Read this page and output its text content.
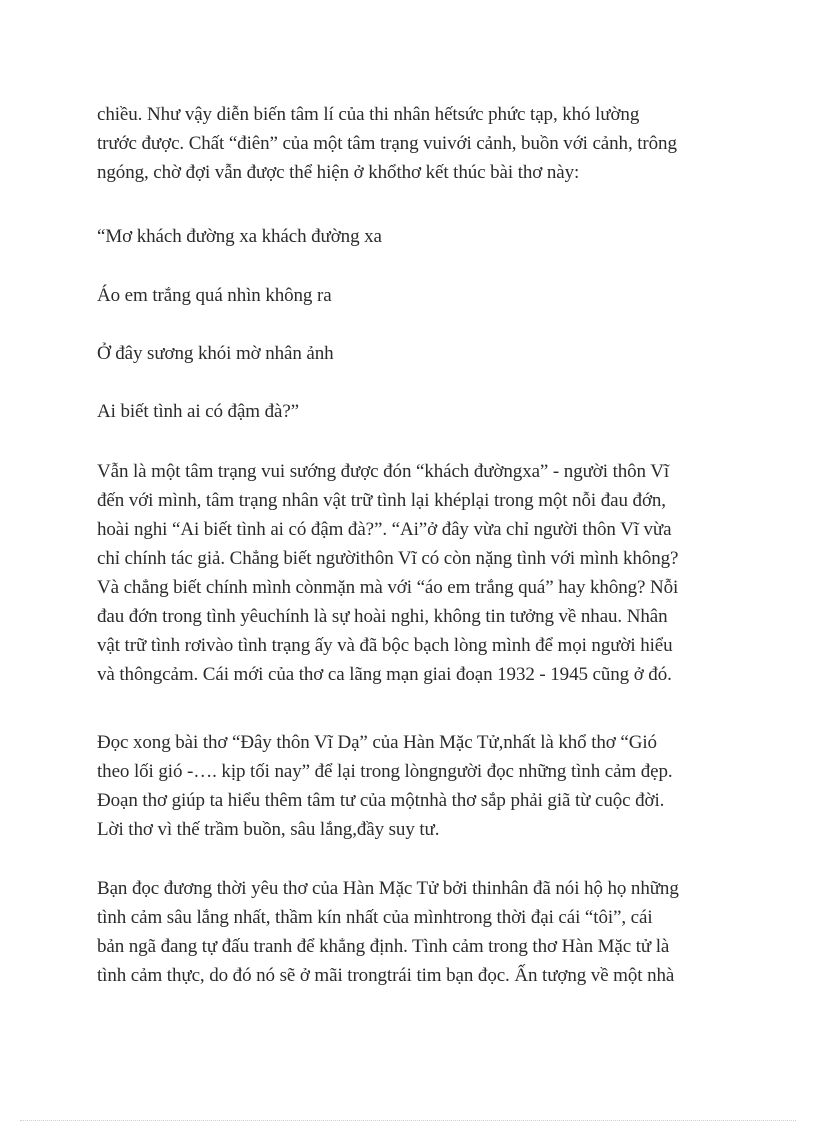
chiều. Như vậy diễn biến tâm lí của thi nhân hếtsức phức tạp, khó lường
trước được. Chất “điên” của một tâm trạng vuivới cảnh, buồn với cảnh, trông
ngóng, chờ đợi vẫn được thể hiện ở khổthơ kết thúc bài thơ này:

“Mơ khách đường xa khách đường xa

Áo em trắng quá nhìn không ra

Ở đây sương khói mờ nhân ảnh

Ai biết tình ai có đậm đà?”

Vẫn là một tâm trạng vui sướng được đón “khách đườngxa” - người thôn Vĩ
đến với mình, tâm trạng nhân vật trữ tình lại khéplại trong một nỗi đau đớn,
hoài nghi “Ai biết tình ai có đậm đà?”. “Ai”ở đây vừa chỉ người thôn Vĩ vừa
chỉ chính tác giả. Chẳng biết ngườithôn Vĩ có còn nặng tình với mình không?
Và chẳng biết chính mình cònmặn mà với “áo em trắng quá” hay không? Nỗi
đau đớn trong tình yêuchính là sự hoài nghi, không tin tưởng về nhau. Nhân
vật trữ tình rơivào tình trạng ấy và đã bộc bạch lòng mình để mọi người hiểu
và thôngcảm. Cái mới của thơ ca lãng mạn giai đoạn 1932 - 1945 cũng ở đó.

Đọc xong bài thơ “Đây thôn Vĩ Dạ” của Hàn Mặc Tử,nhất là khổ thơ “Gió
theo lối gió -…. kịp tối nay” để lại trong lòngngười đọc những tình cảm đẹp.
Đoạn thơ giúp ta hiểu thêm tâm tư của mộtnhà thơ sắp phải giã từ cuộc đời.
Lời thơ vì thế trầm buồn, sâu lắng,đầy suy tư.

Bạn đọc đương thời yêu thơ của Hàn Mặc Tử bởi thinhân đã nói hộ họ những
tình cảm sâu lắng nhất, thầm kín nhất của mìnhtrong thời đại cái “tôi”, cái
bản ngã đang tự đấu tranh để khẳng định. Tình cảm trong thơ Hàn Mặc tử là
tình cảm thực, do đó nó sẽ ở mãi trongtrái tim bạn đọc. Ấn tượng về một nhà
